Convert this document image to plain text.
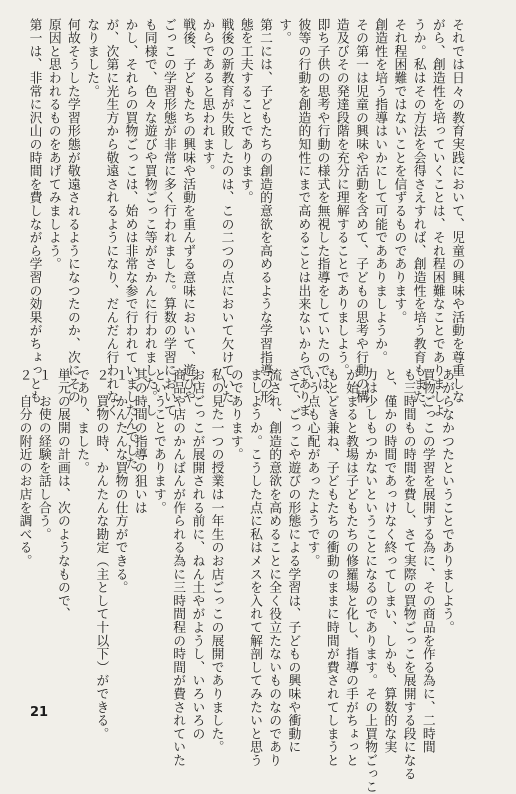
それでは日々の教育実践において、児童の興味や活動を尊重しな
がら、創造性を培っていくことは、それ程困難なことでありましよ
うか。私はその方法を会得さえすれば、創造性を培う教育もまた、
それ程困難ではないことを信ずるものであります。
創造性を培う指導はいかにして可能であありましようか。
その第一は児童の興味や活動を含めて、子どもの思考や行動の構
造及びその発達段階を充分に理解することでありましよう。
即ち子供の思考や行動の様式を無視した指導をしていたのでは、
彼等の行動を創造的知性にまで高めることは出来ないからでありま
す。
第二には、子どもたちの創造的意欲を高めるような学習指導の形
態を工夫することであります。
戦後の新教育が失敗したのは、この二つの点において欠けていた
からであると思われます。
戦後、子どもたちの興味や活動を重んずる意味において、遊びや
ごっこの学習形態が非常に多く行われました。算数の学習において
も同様で、色々な遊びや買物ごっこ等がさかんに行われました。し
かし、それらの買物ごっこは、始めは非常な参で行われていましたんでした
が、次第に光生方から敬遠されるようになり、だんだん行われなく
なりました。
何故そうした学習形態が敬遠されるようになつたのか、次にその
原因と思われるものをあげてみましよう。
第一は、非常に沢山の時間を費しながら学習の効果がちょっとも
あがらなかつたということでありましよう。
買物ごっこの学習を展開する為に、その商品を作る為に、二時間
も三時間もの時間を費し、さて実際の買物ごっこを展開する段になる
と、僅かの時間であっけなく終ってしまい、しかも、算数的な実
力は少しもつかないということになるのであります。その上買物ごっこ
が始まると教場は子どもたちの修羅場と化し、指導の手がちょっと
もとどき兼ね、子どもたちの衝動のままに時間が費されてしまうと
いう点も心配があったようです。
さて、ごっこや遊びの形態による学習は、子どもの興味や衝動に
流され、創造的意欲を高めることに全く役立たないものなのであり
ましようか。こうした点に私はメスを入れて解剖してみたいと思う
のであります。
私の見た一つの授業は一年生のお店ごっこの展開でありました。
お店ごっこが展開される前に、ねん土やがようし、いろいろの
商品や店のかんばんが作られる為に三時間程の時間が費されていた
ということであります。
其の時間の指導の狙いは
１　かんたんな買物の仕方ができる。
２　買物の時、かんたんな勘定（主として十以下）ができる。
であり、ました。
単元の展開の計画は、次のようなもので、
１　お使の経験を話し合う。
２　自分の附近のお店を調べる。
21
